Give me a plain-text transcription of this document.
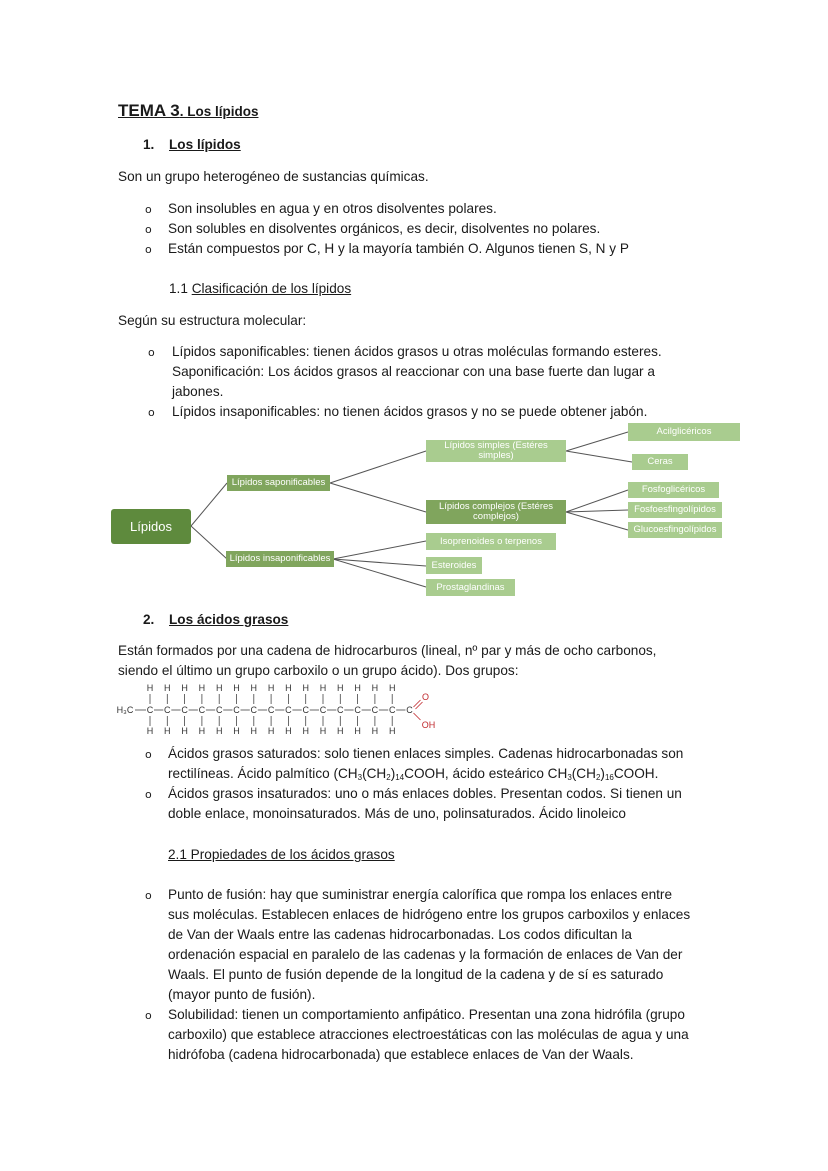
TEMA 3. Los lípidos
1. Los lípidos
Son un grupo heterogéneo de sustancias químicas.
o Son insolubles en agua y en otros disolventes polares.
o Son solubles en disolventes orgánicos, es decir, disolventes no polares.
o Están compuestos por C, H y la mayoría también O. Algunos tienen S, N y P
1.1 Clasificación de los lípidos
Según su estructura molecular:
o Lípidos saponificables: tienen ácidos grasos u otras moléculas formando esteres.
Saponificación: Los ácidos grasos al reaccionar con una base fuerte dan lugar a
jabones.
o Lípidos insaponificables: no tienen ácidos grasos y no se puede obtener jabón.
Lípidos
Lípidos saponificables
Lípidos insaponificables
Lípidos simples (Estéres simples)
Lípidos complejos (Estéres complejos)
Acilglicéricos
Ceras
Fosfoglicéricos
Fosfoesfingolípidos
Glucoesfingolípidos
Isoprenoides o terpenos
Esteroides
Prostaglandinas
2. Los ácidos grasos
Están formados por una cadena de hidrocarburos (lineal, nº par y más de ocho carbonos,
siendo el último un grupo carboxilo o un grupo ácido). Dos grupos:
H₃C C
H
H
C
H
H
C
H
H
C
H
H
C
H
H
C
H
H
C
H
H
C
H
H
C
H
H
C
H
H
C
H
H
C
H
H
C
H
H
C
H
H
C
H
H
C
O
OH
o Ácidos grasos saturados: solo tienen enlaces simples. Cadenas hidrocarbonadas son
rectilíneas. Ácido palmítico ($CH_3(CH_2)_{14}COOH$, ácido esteárico $CH_3(CH_2)_{16}COOH$.
o Ácidos grasos insaturados: uno o más enlaces dobles. Presentan codos. Si tienen un
doble enlace, monoinsaturados. Más de uno, polinsaturados. Ácido linoleico
2.1 Propiedades de los ácidos grasos
o Punto de fusión: hay que suministrar energía calorífica que rompa los enlaces entre
sus moléculas. Establecen enlaces de hidrógeno entre los grupos carboxilos y enlaces
de Van der Waals entre las cadenas hidrocarbonadas. Los codos dificultan la
ordenación espacial en paralelo de las cadenas y la formación de enlaces de Van der
Waals. El punto de fusión depende de la longitud de la cadena y de sí es saturado
(mayor punto de fusión).
o Solubilidad: tienen un comportamiento anfipático. Presentan una zona hidrófila (grupo
carboxilo) que establece atracciones electroestáticas con las moléculas de agua y una
hidrófoba (cadena hidrocarbonada) que establece enlaces de Van der Waals.
